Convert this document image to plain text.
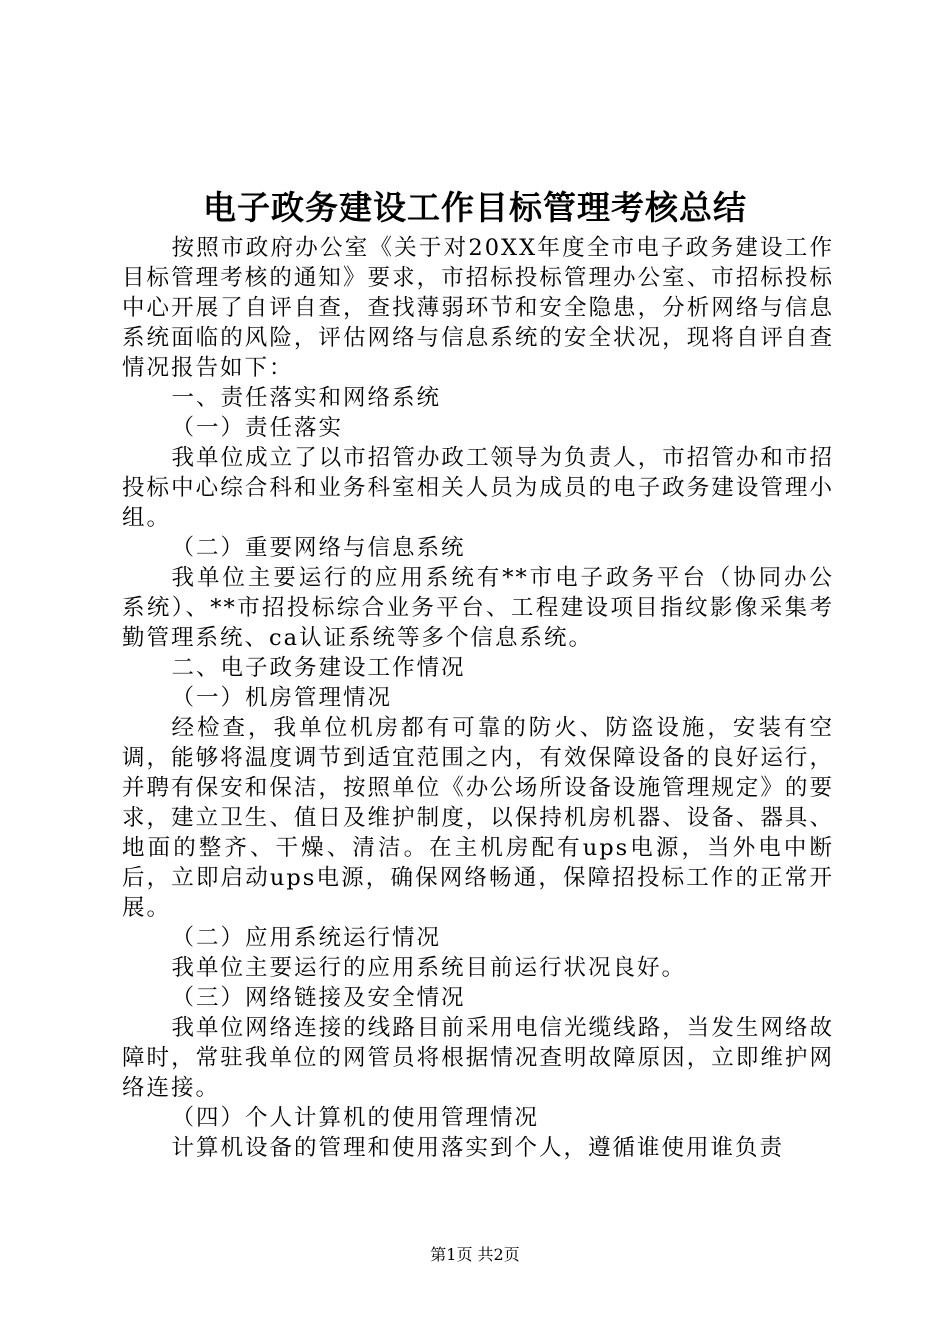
电子政务建设工作目标管理考核总结

按照市政府办公室《关于对20XX年度全市电子政务建设工作目标管理考核的通知》要求，市招标投标管理办公室、市招标投标中心开展了自评自查，查找薄弱环节和安全隐患，分析网络与信息系统面临的风险，评估网络与信息系统的安全状况，现将自评自查情况报告如下：

一、责任落实和网络系统

（一）责任落实

我单位成立了以市招管办政工领导为负责人，市招管办和市招投标中心综合科和业务科室相关人员为成员的电子政务建设管理小组。

（二）重要网络与信息系统

我单位主要运行的应用系统有**市电子政务平台（协同办公系统）、**市招投标综合业务平台、工程建设项目指纹影像采集考勤管理系统、ca认证系统等多个信息系统。

二、电子政务建设工作情况

（一）机房管理情况

经检查，我单位机房都有可靠的防火、防盗设施，安装有空调，能够将温度调节到适宜范围之内，有效保障设备的良好运行，并聘有保安和保洁，按照单位《办公场所设备设施管理规定》的要求，建立卫生、值日及维护制度，以保持机房机器、设备、器具、地面的整齐、干燥、清洁。在主机房配有ups电源，当外电中断后，立即启动ups电源，确保网络畅通，保障招投标工作的正常开展。

（二）应用系统运行情况

我单位主要运行的应用系统目前运行状况良好。

（三）网络链接及安全情况

我单位网络连接的线路目前采用电信光缆线路，当发生网络故障时，常驻我单位的网管员将根据情况查明故障原因，立即维护网络连接。

（四）个人计算机的使用管理情况

计算机设备的管理和使用落实到个人，遵循谁使用谁负责

第1页 共2页
